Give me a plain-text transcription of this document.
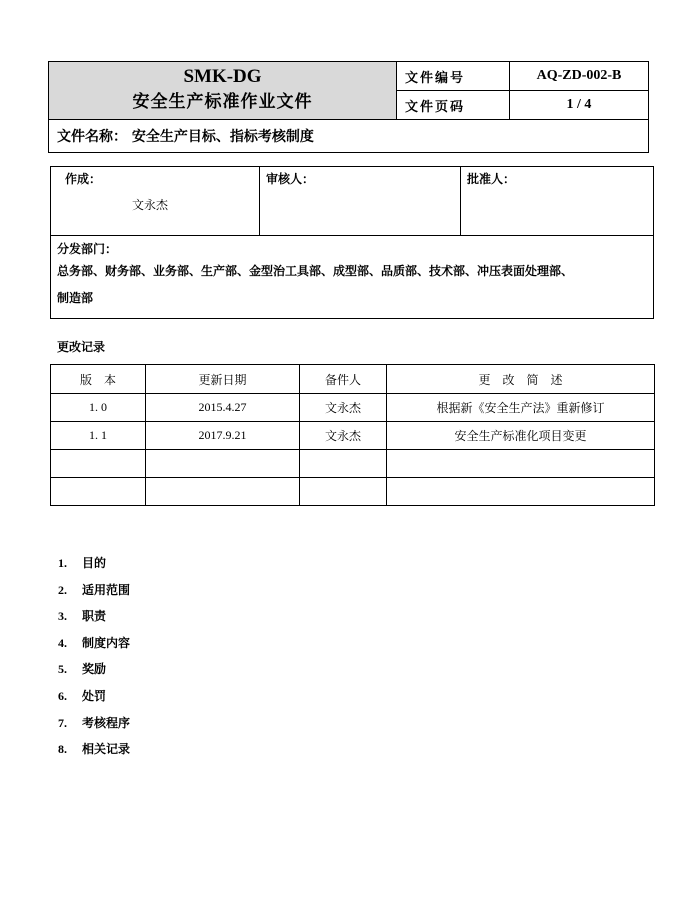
SMK-DG
安全生产标准作业文件	文件编号	AQ-ZD-002-B
	文件页码	1 / 4
文件名称： 安全生产目标、指标考核制度		
作成：
文永杰

审核人：	批准人：

分发部门：
总务部、财务部、业务部、生产部、金型治工具部、成型部、品质部、技术部、冲压表面处理部、
制造部
更改记录
版　本	更新日期	备件人	更　改　简　述
1. 0	2015.4.27	文永杰	根据新《安全生产法》重新修订
1. 1	2017.9.21	文永杰	安全生产标准化项目变更

1. 目的
2. 适用范围
3. 职责
4. 制度内容
5. 奖励
6. 处罚
7. 考核程序
8. 相关记录
